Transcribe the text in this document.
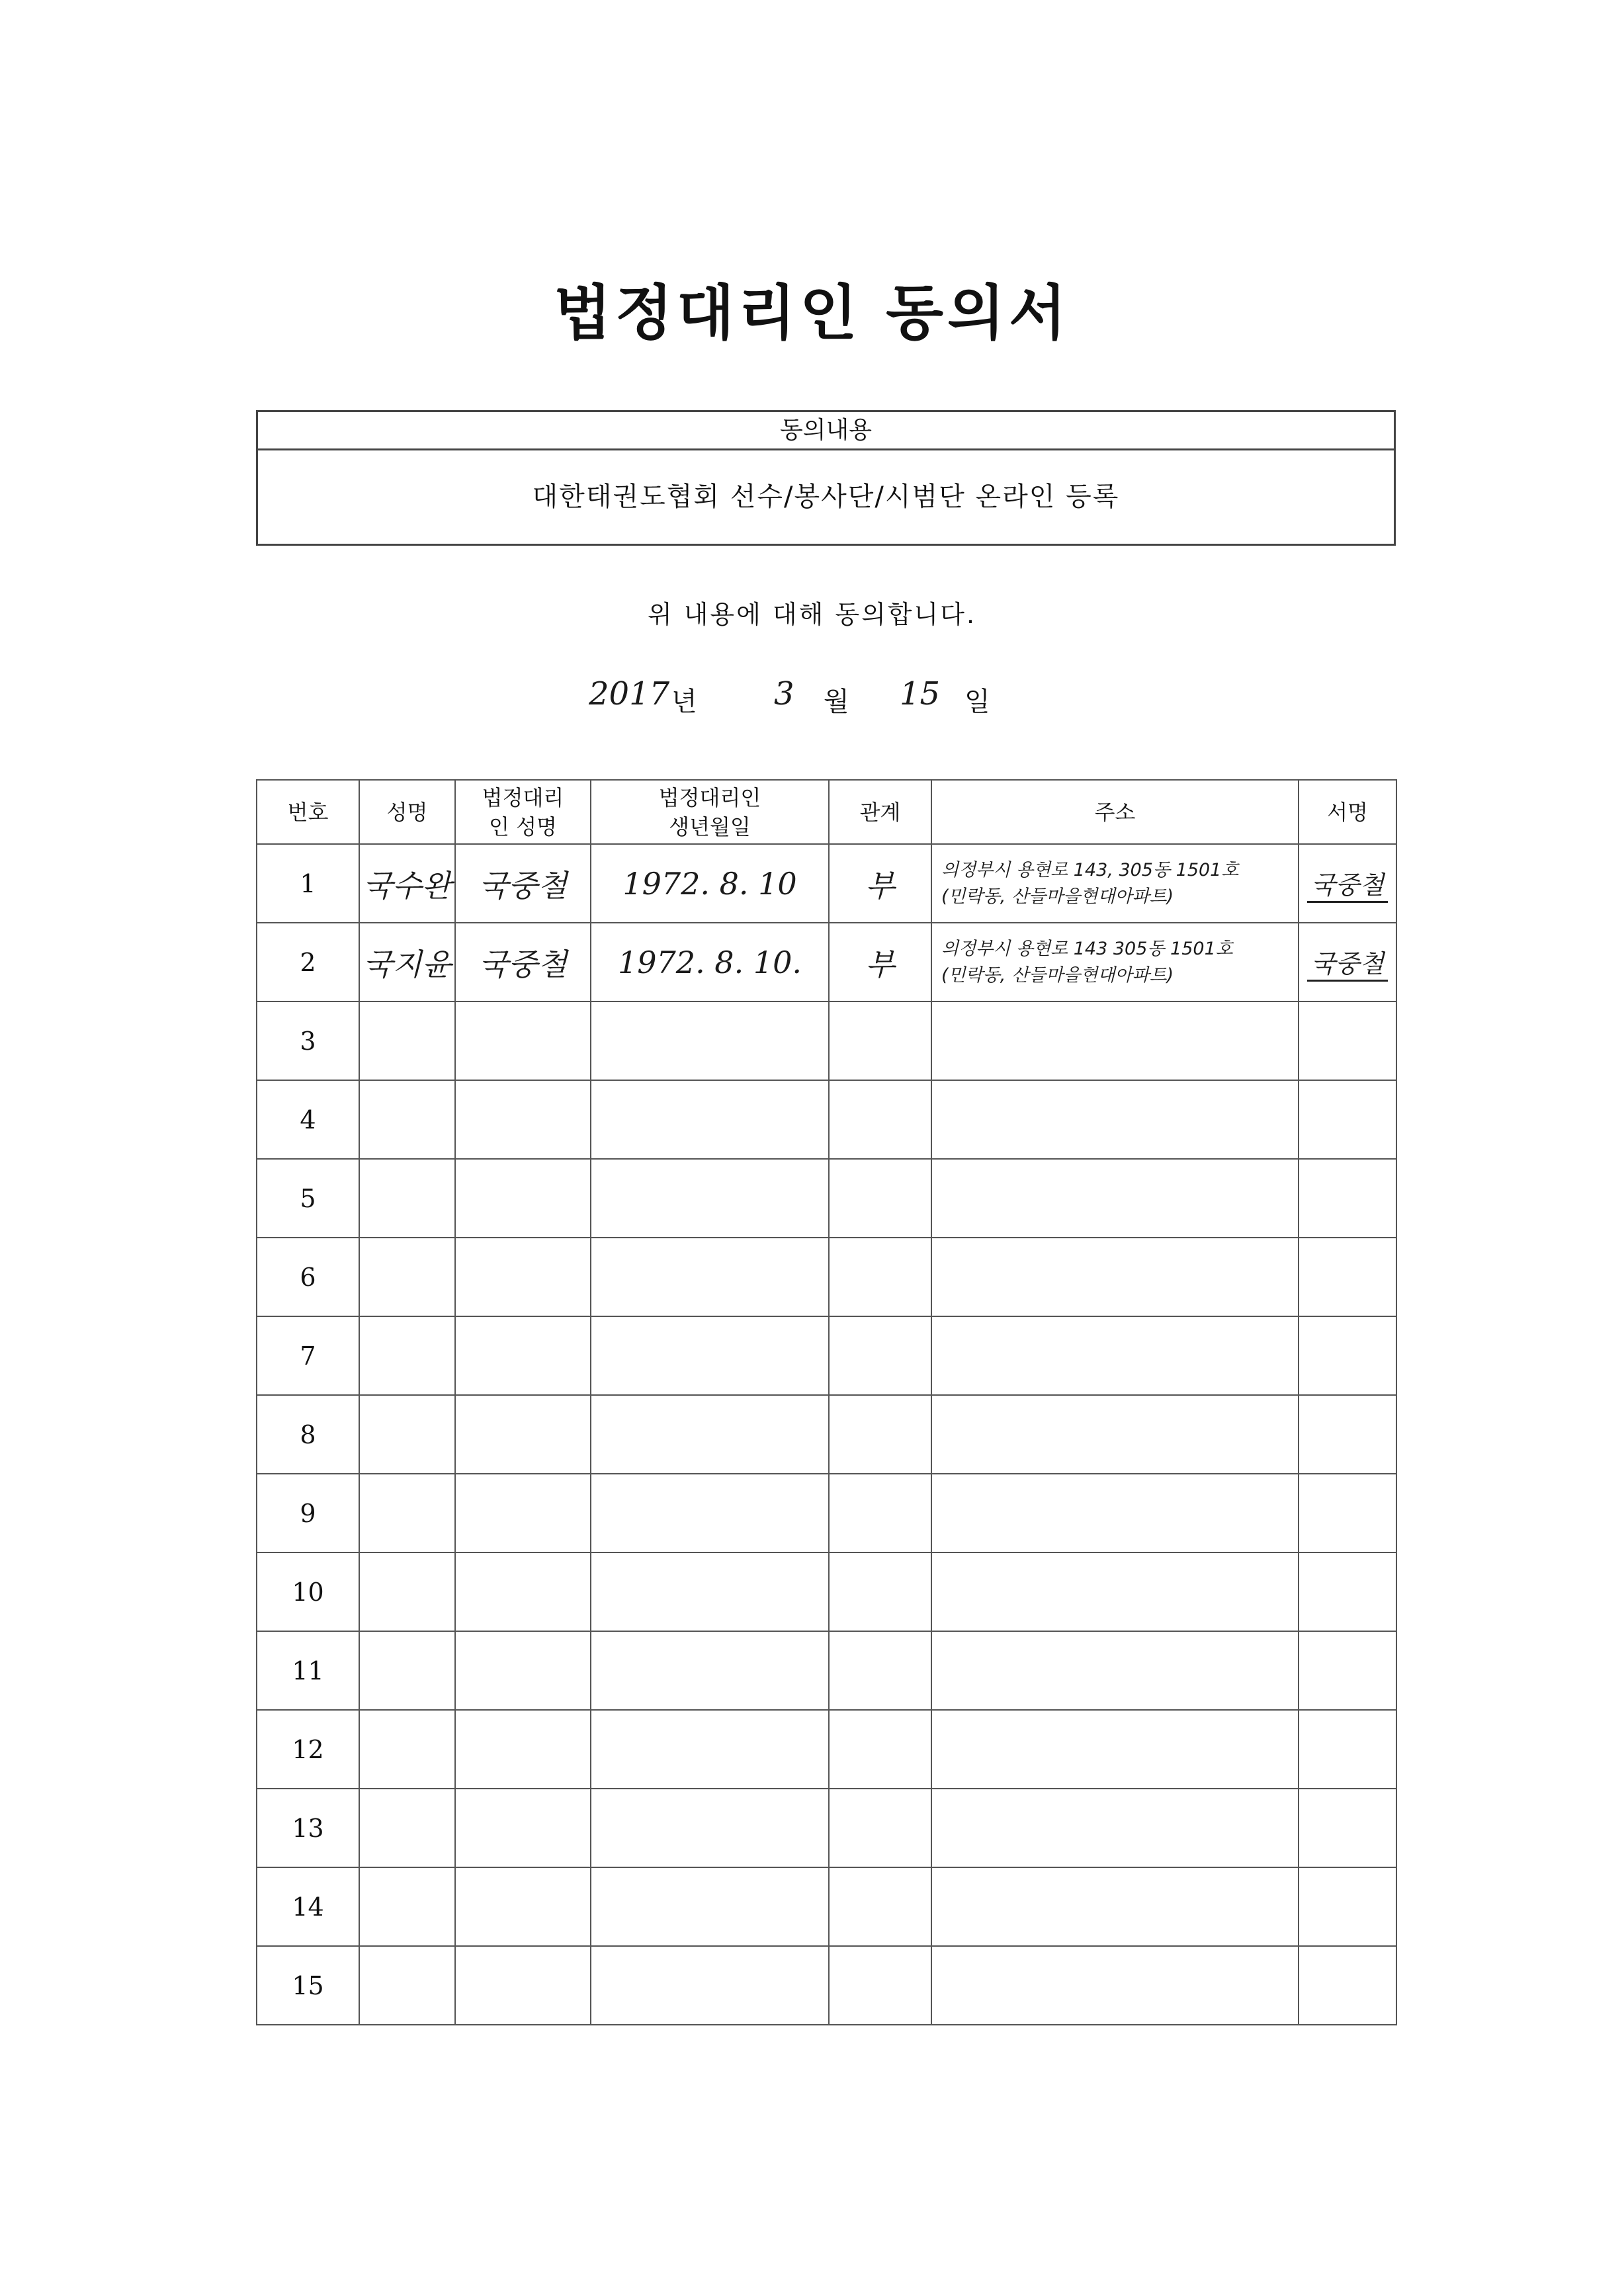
법정대리인 동의서
동의내용
대한태권도협회 선수/봉사단/시범단 온라인 등록
위 내용에 대해 동의합니다.
2017 년 3 월 15 일
번호	성명	법정대리인 성명	법정대리인 생년월일	관계	주소	서명
1	국수완	국중철	1972. 8. 10	부	의정부시 용현로 143, 305동 1501호
(민락동, 산들마을현대아파트)	국중철
2	국지윤	국중철	1972. 8. 10.	부	의정부시 용현로 143 305동 1501호
(민락동, 산들마을현대아파트)	국중철
3						
4						
5						
6						
7						
8						
9						
10						
11						
12						
13						
14						
15						
